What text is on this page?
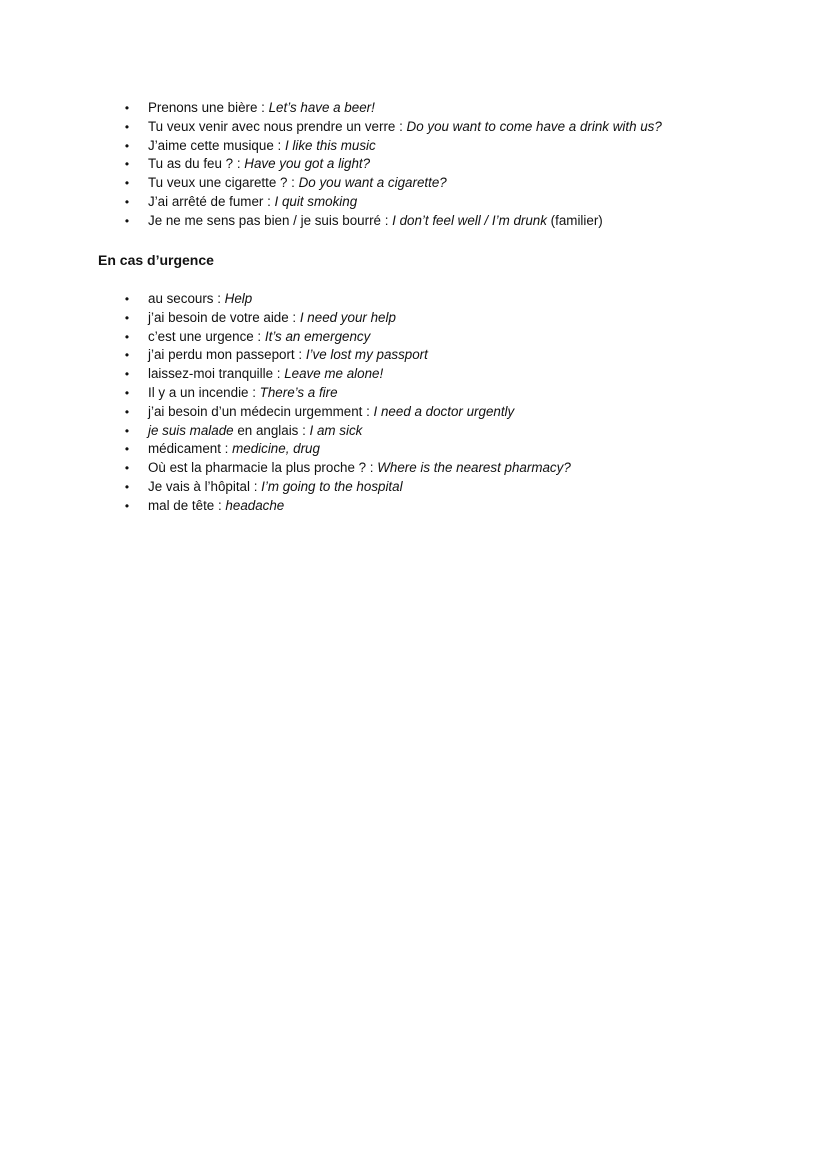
• Prenons une bière : Let’s have a beer!
• Tu veux venir avec nous prendre un verre : Do you want to come have a drink with us?
• J’aime cette musique : I like this music
• Tu as du feu ? : Have you got a light?
• Tu veux une cigarette ? : Do you want a cigarette?
• J’ai arrêté de fumer : I quit smoking
• Je ne me sens pas bien / je suis bourré : I don’t feel well / I’m drunk (familier)
En cas d’urgence
• au secours : Help
• j’ai besoin de votre aide : I need your help
• c’est une urgence : It’s an emergency
• j’ai perdu mon passeport : I’ve lost my passport
• laissez-moi tranquille : Leave me alone!
• Il y a un incendie : There’s a fire
• j’ai besoin d’un médecin urgemment : I need a doctor urgently
• je suis malade en anglais : I am sick
• médicament : medicine, drug
• Où est la pharmacie la plus proche ? : Where is the nearest pharmacy?
• Je vais à l’hôpital : I’m going to the hospital
• mal de tête : headache
